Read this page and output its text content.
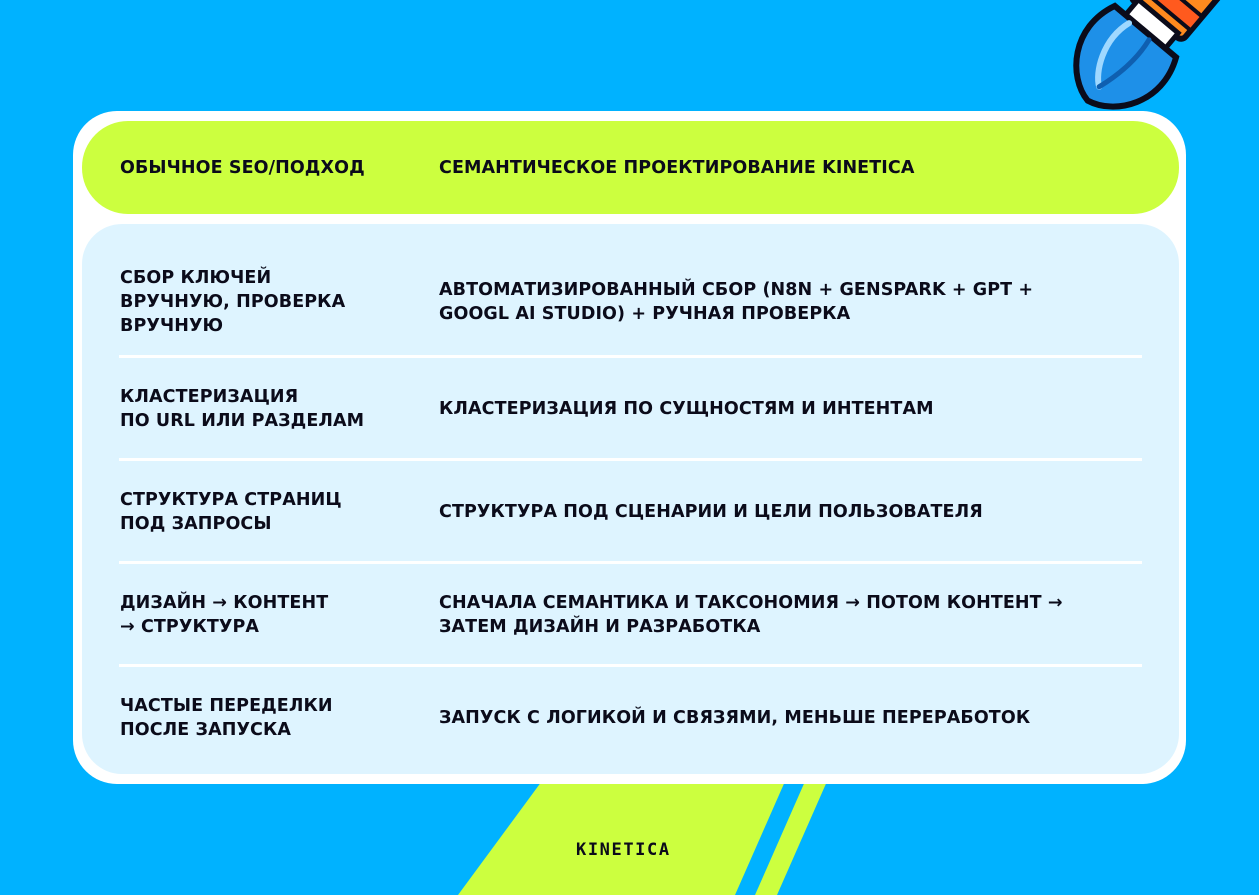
ОБЫЧНОЕ SEO/ПОДХОД	СЕМАНТИЧЕСКОЕ ПРОЕКТИРОВАНИЕ KINETICA
СБОР КЛЮЧЕЙ
ВРУЧНУЮ, ПРОВЕРКА
ВРУЧНУЮ
АВТОМАТИЗИРОВАННЫЙ СБОР (N8N + GENSPARK + GPT +
GOOGL AI STUDIO) + РУЧНАЯ ПРОВЕРКА
КЛАСТЕРИЗАЦИЯ
ПО URL ИЛИ РАЗДЕЛАМ
КЛАСТЕРИЗАЦИЯ ПО СУЩНОСТЯМ И ИНТЕНТАМ
СТРУКТУРА СТРАНИЦ
ПОД ЗАПРОСЫ
СТРУКТУРА ПОД СЦЕНАРИИ И ЦЕЛИ ПОЛЬЗОВАТЕЛЯ
ДИЗАЙН → КОНТЕНТ
→ СТРУКТУРА
СНАЧАЛА СЕМАНТИКА И ТАКСОНОМИЯ → ПОТОМ КОНТЕНТ →
ЗАТЕМ ДИЗАЙН И РАЗРАБОТКА
ЧАСТЫЕ ПЕРЕДЕЛКИ
ПОСЛЕ ЗАПУСКА
ЗАПУСК С ЛОГИКОЙ И СВЯЗЯМИ, МЕНЬШЕ ПЕРЕРАБОТОК
KINETICA
